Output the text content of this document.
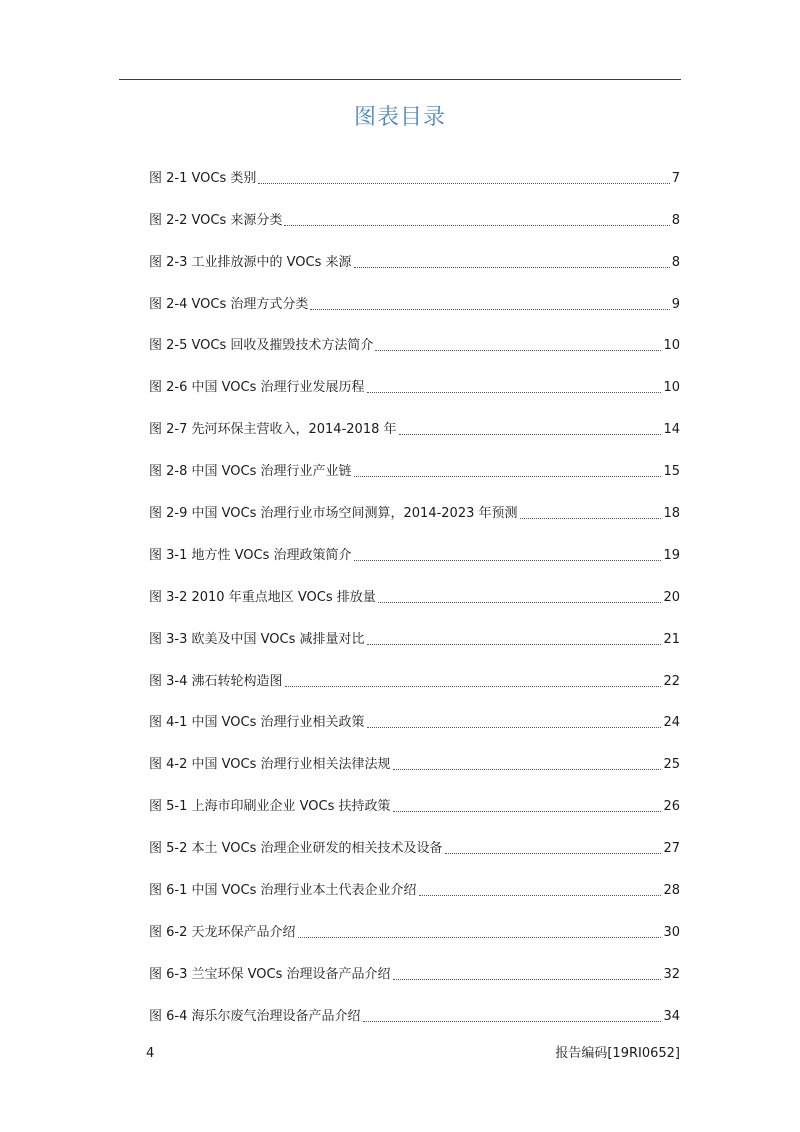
图表目录
图 2-1 VOCs 类别	7
图 2-2 VOCs 来源分类	8
图 2-3 工业排放源中的 VOCs 来源	8
图 2-4 VOCs 治理方式分类	9
图 2-5 VOCs 回收及摧毁技术方法简介	10
图 2-6 中国 VOCs 治理行业发展历程	10
图 2-7 先河环保主营收入，2014-2018 年	14
图 2-8 中国 VOCs 治理行业产业链	15
图 2-9 中国 VOCs 治理行业市场空间测算，2014-2023 年预测	18
图 3-1 地方性 VOCs 治理政策简介	19
图 3-2 2010 年重点地区 VOCs 排放量	20
图 3-3 欧美及中国 VOCs 减排量对比	21
图 3-4 沸石转轮构造图	22
图 4-1 中国 VOCs 治理行业相关政策	24
图 4-2 中国 VOCs 治理行业相关法律法规	25
图 5-1 上海市印刷业企业 VOCs 扶持政策	26
图 5-2 本土 VOCs 治理企业研发的相关技术及设备	27
图 6-1 中国 VOCs 治理行业本土代表企业介绍	28
图 6-2 天龙环保产品介绍	30
图 6-3 兰宝环保 VOCs 治理设备产品介绍	32
图 6-4 海乐尔废气治理设备产品介绍	34
4	报告编码[19RI0652]
